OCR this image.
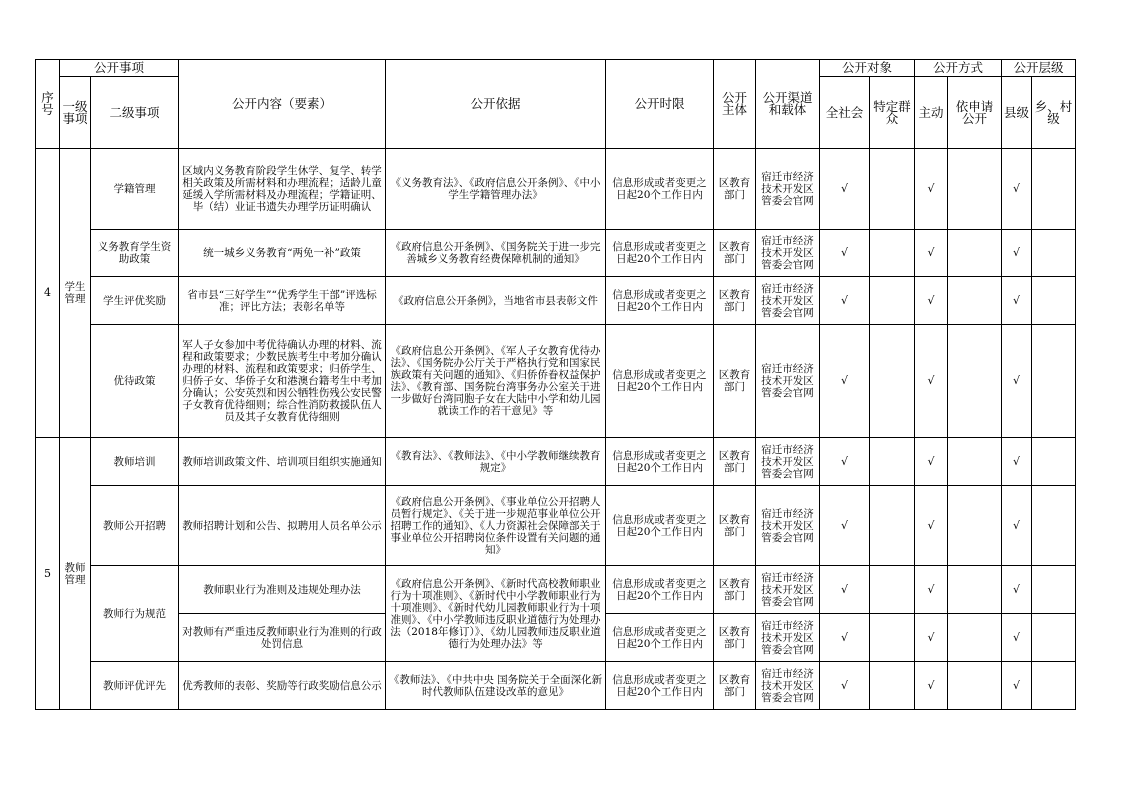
序号	公开事项		公开内容（要素）	公开依据	公开时限	公开主体	公开渠道和载体	公开对象		公开方式		公开层级	
	一级事项	二级事项						全社会	特定群众	主动	依申请公开	县级	乡、村级
4	学生管理	学籍管理	区域内义务教育阶段学生休学、复学、转学相关政策及所需材料和办理流程；适龄儿童延缓入学所需材料及办理流程；学籍证明、毕（结）业证书遗失办理学历证明确认	《义务教育法》、《政府信息公开条例》、《中小学生学籍管理办法》	信息形成或者变更之日起20个工作日内	区教育部门	宿迁市经济技术开发区管委会官网	√		√		√	
		义务教育学生资助政策	统一城乡义务教育“两免一补”政策	《政府信息公开条例》、《国务院关于进一步完善城乡义务教育经费保障机制的通知》	信息形成或者变更之日起20个工作日内	区教育部门	宿迁市经济技术开发区管委会官网	√		√		√	
		学生评优奖励	省市县“三好学生”“优秀学生干部”评选标准；评比方法；表彰名单等	《政府信息公开条例》，当地省市县表彰文件	信息形成或者变更之日起20个工作日内	区教育部门	宿迁市经济技术开发区管委会官网	√		√		√	
		优待政策	军人子女参加中考优待确认办理的材料、流程和政策要求；少数民族考生中考加分确认办理的材料、流程和政策要求；归侨学生、归侨子女、华侨子女和港澳台籍考生中考加分确认；公安英烈和因公牺牲伤残公安民警子女教育优待细则；综合性消防救援队伍人员及其子女教育优待细则	《政府信息公开条例》、《军人子女教育优待办法》、《国务院办公厅关于严格执行党和国家民族政策有关问题的通知》、《归侨侨眷权益保护法》、《教育部、国务院台湾事务办公室关于进一步做好台湾同胞子女在大陆中小学和幼儿园就读工作的若干意见》等	信息形成或者变更之日起20个工作日内	区教育部门	宿迁市经济技术开发区管委会官网	√		√		√	
5	教师管理	教师培训	教师培训政策文件、培训项目组织实施通知	《教育法》、《教师法》、《中小学教师继续教育规定》	信息形成或者变更之日起20个工作日内	区教育部门	宿迁市经济技术开发区管委会官网	√		√		√	
		教师公开招聘	教师招聘计划和公告、拟聘用人员名单公示	《政府信息公开条例》、《事业单位公开招聘人员暂行规定》、《关于进一步规范事业单位公开招聘工作的通知》、《人力资源社会保障部关于事业单位公开招聘岗位条件设置有关问题的通知》	信息形成或者变更之日起20个工作日内	区教育部门	宿迁市经济技术开发区管委会官网	√		√		√	
		教师行为规范	教师职业行为准则及违规处理办法	《政府信息公开条例》、《新时代高校教师职业行为十项准则》、《新时代中小学教师职业行为十项准则》、《新时代幼儿园教师职业行为十项准则》、《中小学教师违反职业道德行为处理办法（2018年修订）》、《幼儿园教师违反职业道德行为处理办法》等	信息形成或者变更之日起20个工作日内	区教育部门	宿迁市经济技术开发区管委会官网	√		√		√	
			对教师有严重违反教师职业行为准则的行政处罚信息		信息形成或者变更之日起20个工作日内	区教育部门	宿迁市经济技术开发区管委会官网	√		√		√	
		教师评优评先	优秀教师的表彰、奖励等行政奖励信息公示	《教师法》、《中共中央 国务院关于全面深化新时代教师队伍建设改革的意见》	信息形成或者变更之日起20个工作日内	区教育部门	宿迁市经济技术开发区管委会官网	√		√		√	
